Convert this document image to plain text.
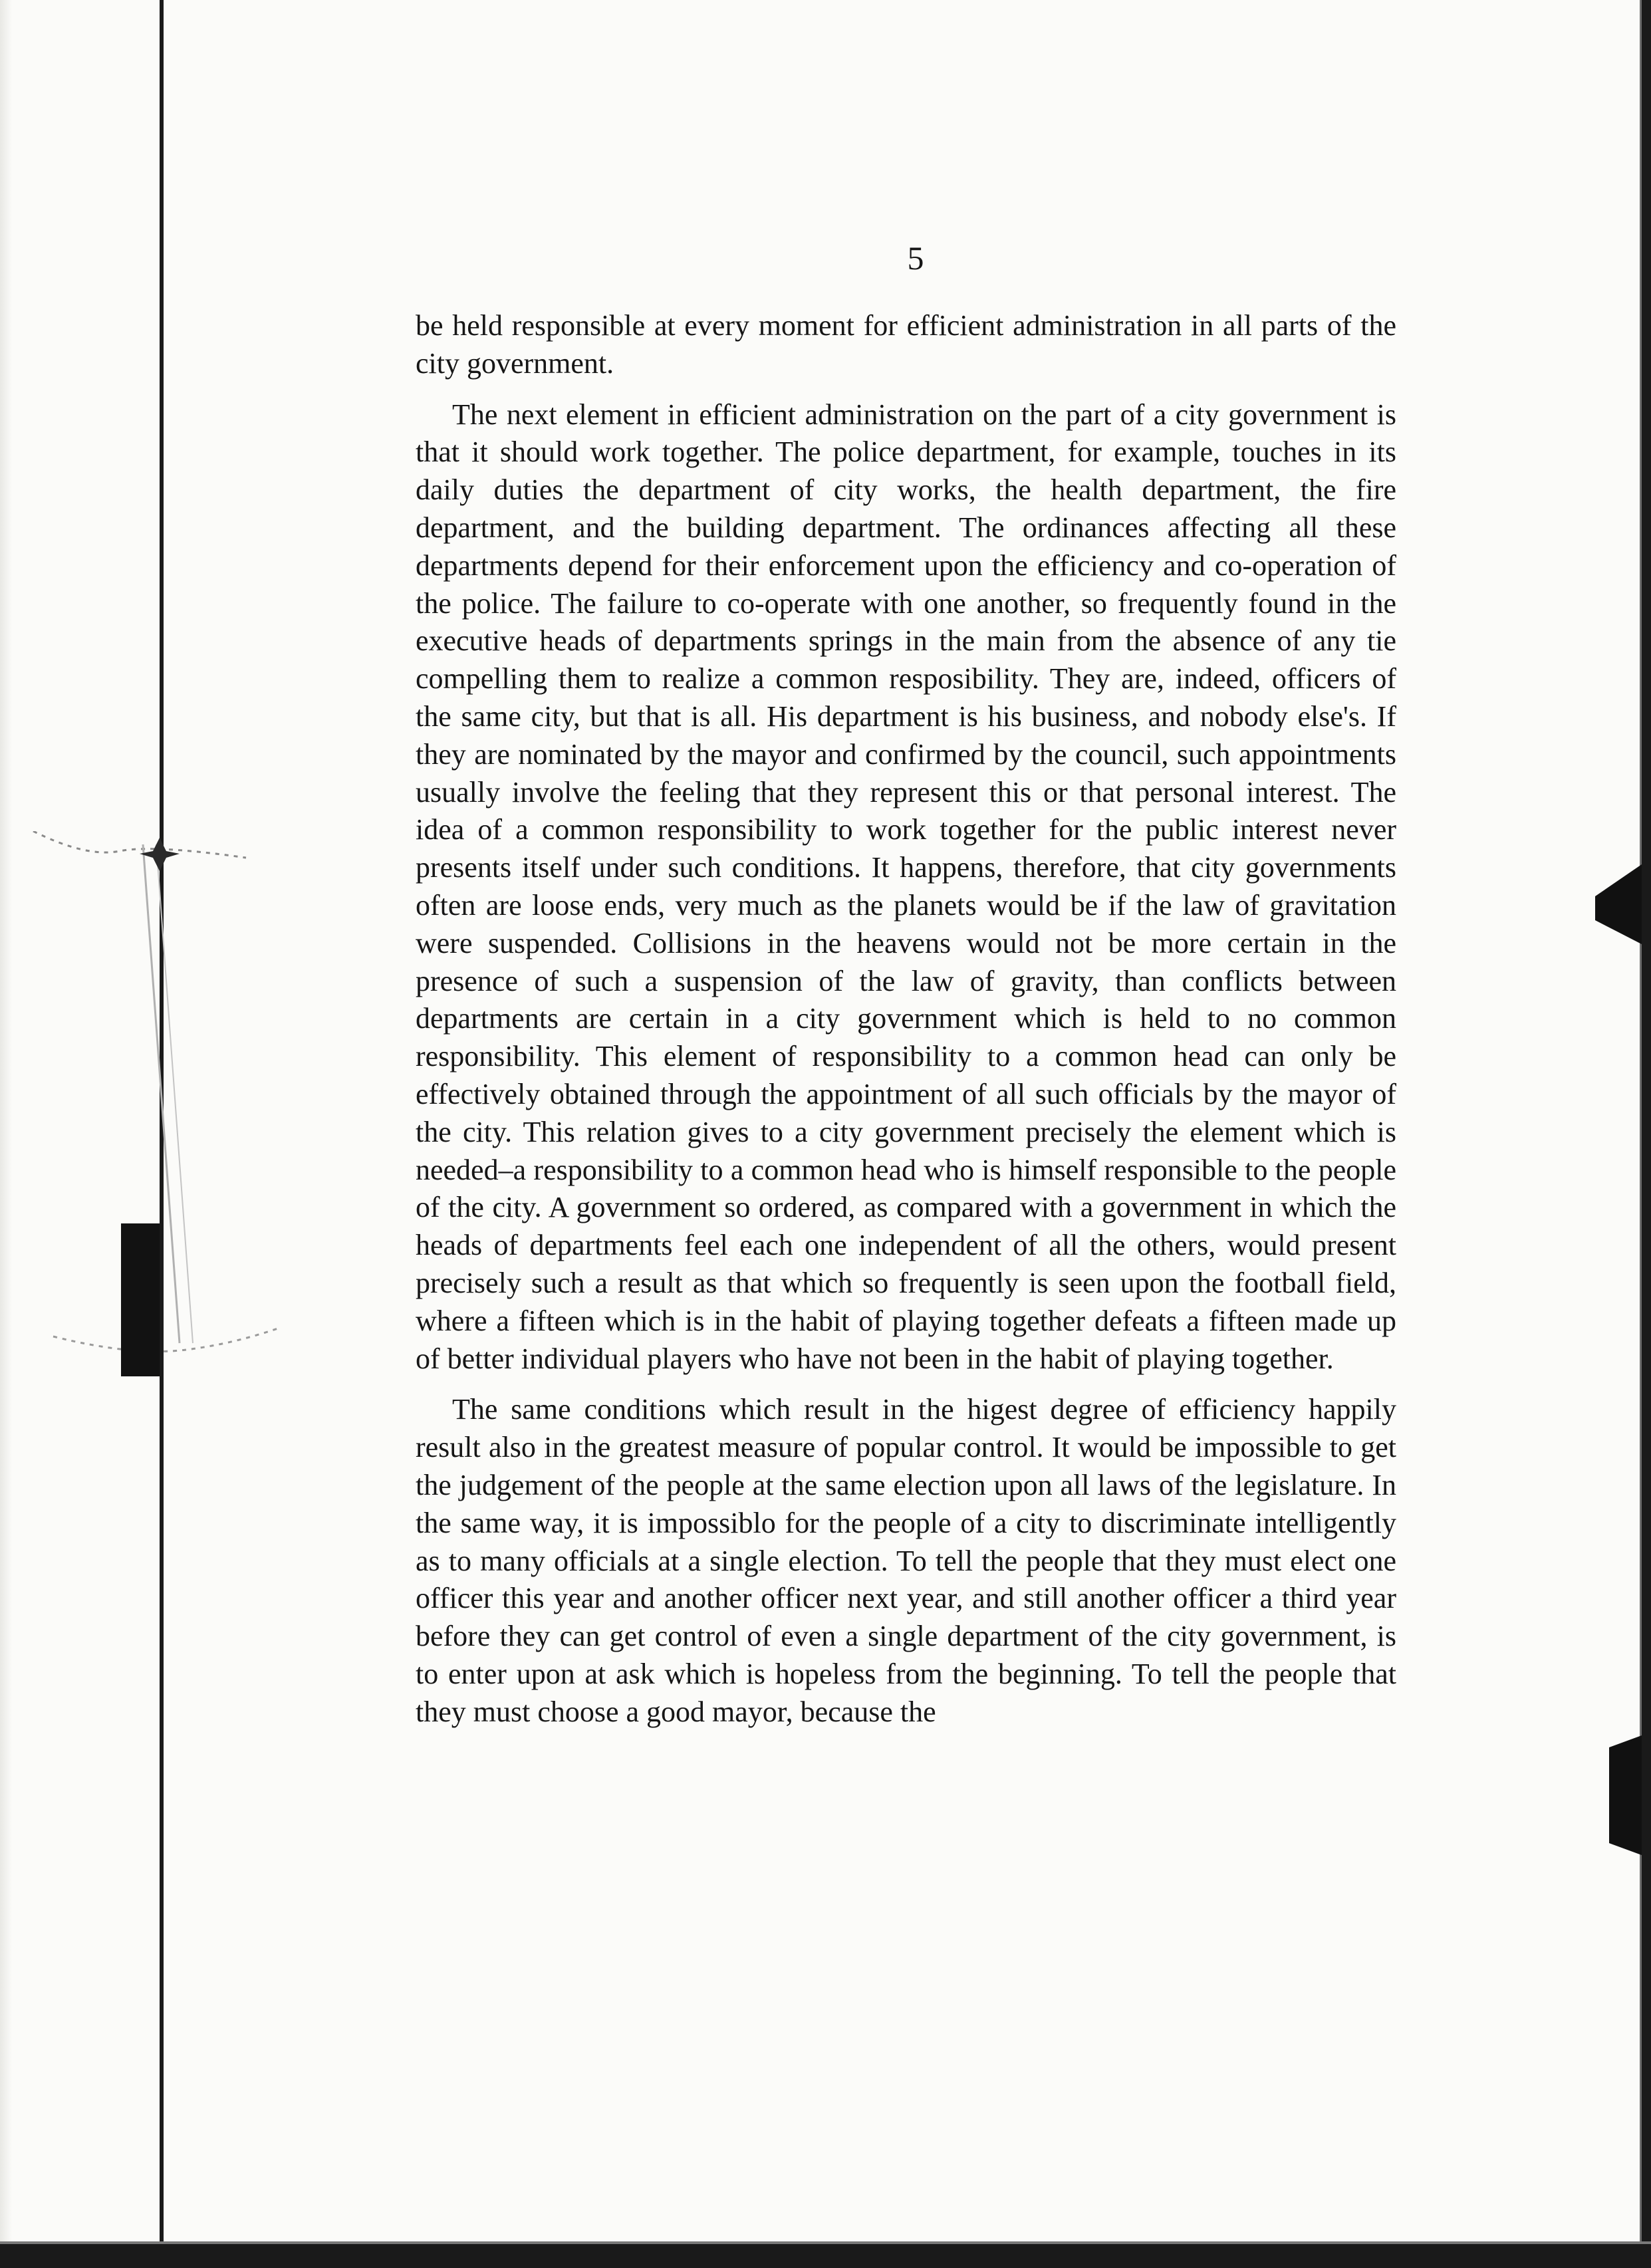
5

be held responsible at every moment for efficient administration in all parts of the city government.

The next element in efficient administration on the part of a city government is that it should work together. The police department, for example, touches in its daily duties the department of city works, the health department, the fire department, and the building department. The ordinances affecting all these departments depend for their enforcement upon the efficiency and co-operation of the police. The failure to co-operate with one another, so frequently found in the executive heads of departments springs in the main from the absence of any tie compelling them to realize a common resposibility. They are, indeed, officers of the same city, but that is all. His department is his business, and nobody else's. If they are nominated by the mayor and confirmed by the council, such appointments usually involve the feeling that they represent this or that personal interest. The idea of a common responsibility to work together for the public interest never presents itself under such conditions. It happens, therefore, that city governments often are loose ends, very much as the planets would be if the law of gravitation were suspended. Collisions in the heavens would not be more certain in the presence of such a suspension of the law of gravity, than conflicts between departments are certain in a city government which is held to no common responsibility. This element of responsibility to a common head can only be effectively obtained through the appointment of all such officials by the mayor of the city. This relation gives to a city government precisely the element which is needed–a responsibility to a common head who is himself responsible to the people of the city. A government so ordered, as compared with a government in which the heads of departments feel each one independent of all the others, would present precisely such a result as that which so frequently is seen upon the football field, where a fifteen which is in the habit of playing together defeats a fifteen made up of better individual players who have not been in the habit of playing together.

The same conditions which result in the higest degree of efficiency happily result also in the greatest measure of popular control. It would be impossible to get the judgement of the people at the same election upon all laws of the legislature. In the same way, it is impossiblo for the people of a city to discriminate intelligently as to many officials at a single election. To tell the people that they must elect one officer this year and another officer next year, and still another officer a third year before they can get control of even a single department of the city government, is to enter upon at ask which is hopeless from the beginning. To tell the people that they must choose a good mayor, because the
